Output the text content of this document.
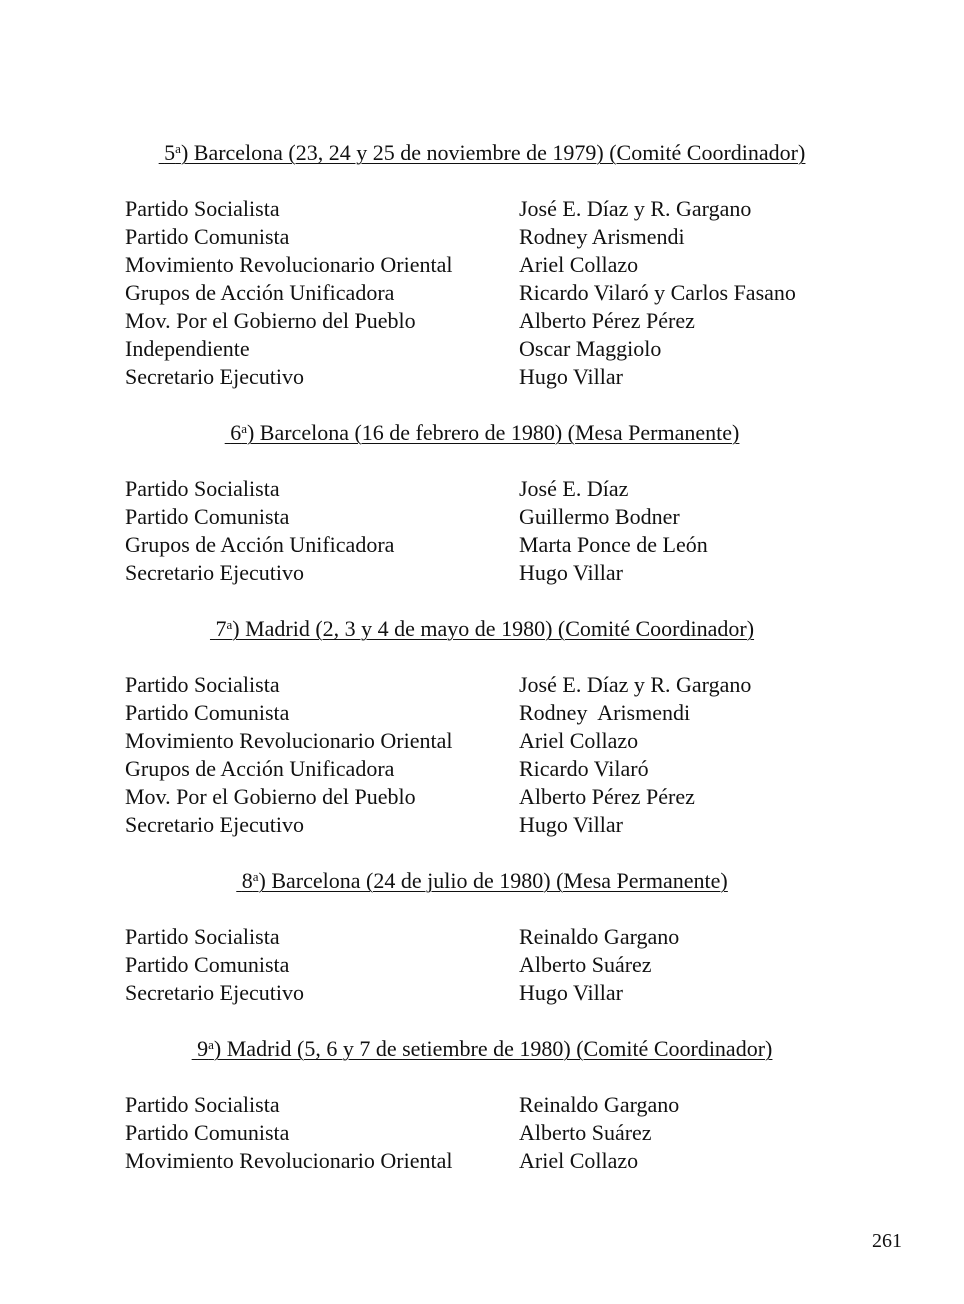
5$^a$) Barcelona (23, 24 y 25 de noviembre de 1979) (Comité Coordinador)
Partido Socialista	José E. Díaz y R. Gargano
Partido Comunista	Rodney Arismendi
Movimiento Revolucionario Oriental	Ariel Collazo
Grupos de Acción Unificadora	Ricardo Vilaró y Carlos Fasano
Mov. Por el Gobierno del Pueblo	Alberto Pérez Pérez
Independiente	Oscar Maggiolo
Secretario Ejecutivo	Hugo Villar
6$^a$) Barcelona (16 de febrero de 1980) (Mesa Permanente)
Partido Socialista	José E. Díaz
Partido Comunista	Guillermo Bodner
Grupos de Acción Unificadora	Marta Ponce de León
Secretario Ejecutivo	Hugo Villar
7$^a$) Madrid (2, 3 y 4 de mayo de 1980) (Comité Coordinador)
Partido Socialista	José E. Díaz y R. Gargano
Partido Comunista	Rodney  Arismendi
Movimiento Revolucionario Oriental	Ariel Collazo
Grupos de Acción Unificadora	Ricardo Vilaró
Mov. Por el Gobierno del Pueblo	Alberto Pérez Pérez
Secretario Ejecutivo	Hugo Villar
8$^a$) Barcelona (24 de julio de 1980) (Mesa Permanente)
Partido Socialista	Reinaldo Gargano
Partido Comunista	Alberto Suárez
Secretario Ejecutivo	Hugo Villar
9$^a$) Madrid (5, 6 y 7 de setiembre de 1980) (Comité Coordinador)
Partido Socialista	Reinaldo Gargano
Partido Comunista	Alberto Suárez
Movimiento Revolucionario Oriental	Ariel Collazo
261
